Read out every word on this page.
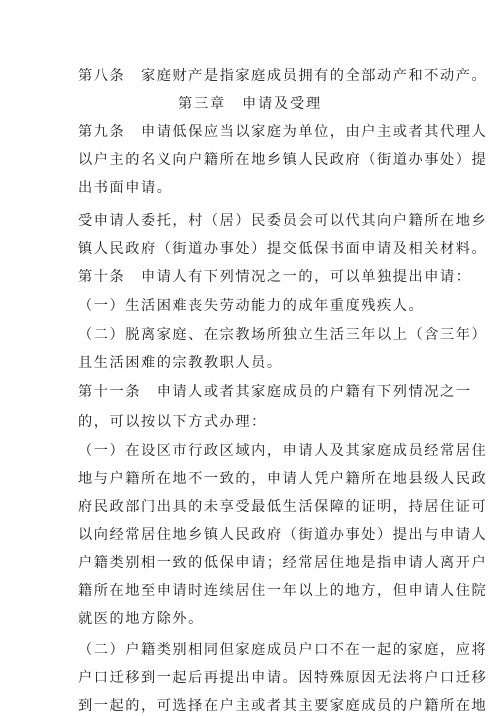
第八条　家庭财产是指家庭成员拥有的全部动产和不动产。
第三章　申请及受理
第九条　申请低保应当以家庭为单位，由户主或者其代理人
以户主的名义向户籍所在地乡镇人民政府（街道办事处）提
出书面申请。
受申请人委托，村（居）民委员会可以代其向户籍所在地乡
镇人民政府（街道办事处）提交低保书面申请及相关材料。
第十条　申请人有下列情况之一的，可以单独提出申请：
（一）生活困难丧失劳动能力的成年重度残疾人。
（二）脱离家庭、在宗教场所独立生活三年以上（含三年）
且生活困难的宗教教职人员。
第十一条　申请人或者其家庭成员的户籍有下列情况之一
的，可以按以下方式办理：
（一）在设区市行政区域内，申请人及其家庭成员经常居住
地与户籍所在地不一致的，申请人凭户籍所在地县级人民政
府民政部门出具的未享受最低生活保障的证明，持居住证可
以向经常居住地乡镇人民政府（街道办事处）提出与申请人
户籍类别相一致的低保申请；经常居住地是指申请人离开户
籍所在地至申请时连续居住一年以上的地方，但申请人住院
就医的地方除外。
（二）户籍类别相同但家庭成员户口不在一起的家庭，应将
户口迁移到一起后再提出申请。因特殊原因无法将户口迁移
到一起的，可选择在户主或者其主要家庭成员的户籍所在地
